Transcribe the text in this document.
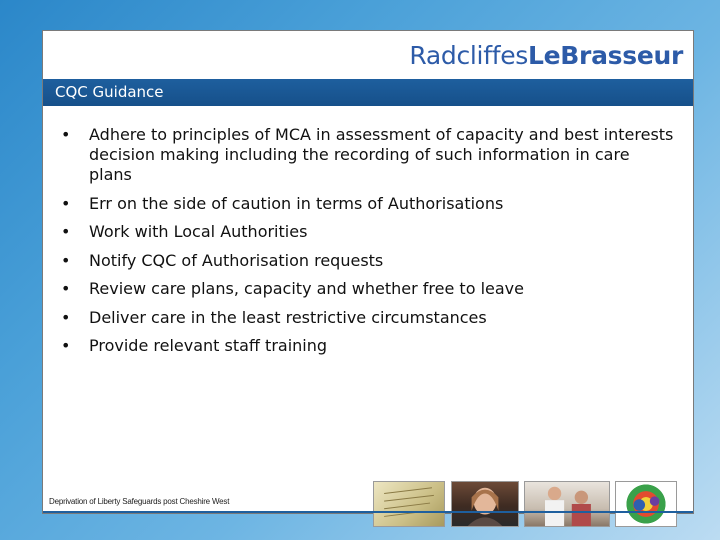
RadcliffesLeBrasseur
CQC Guidance
• Adhere to principles of MCA in assessment of capacity and best interests decision making including the recording of such information in care plans
• Err on the side of caution in terms of Authorisations
• Work with Local Authorities
• Notify CQC of Authorisation requests
• Review care plans, capacity and whether free to leave
• Deliver care in the least restrictive circumstances
• Provide relevant staff training
Deprivation of Liberty Safeguards post Cheshire West
